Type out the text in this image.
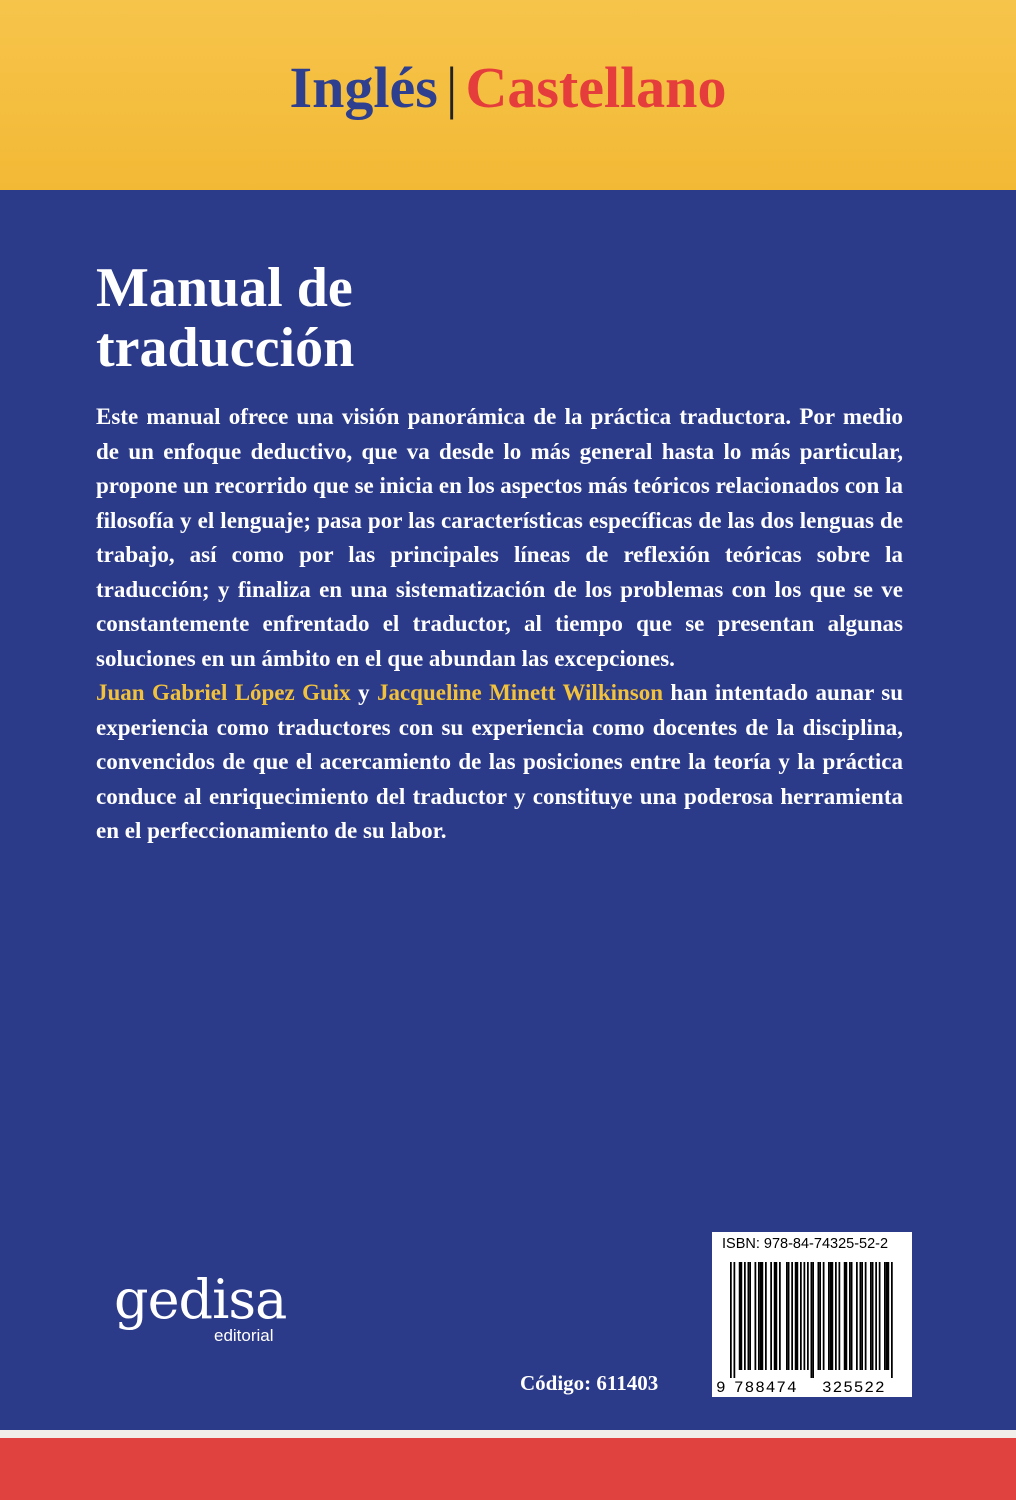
Inglés | Castellano
Manual de
traducción

Este manual ofrece una visión panorámica de la práctica traductora. Por medio de un enfoque deductivo, que va desde lo más general hasta lo más particular, propone un recorrido que se inicia en los aspectos más teóricos relacionados con la filosofía y el lenguaje; pasa por las características específicas de las dos lenguas de trabajo, así como por las principales líneas de reflexión teóricas sobre la traducción; y finaliza en una sistematización de los problemas con los que se ve constantemente enfrentado el traductor, al tiempo que se presentan algunas soluciones en un ámbito en el que abundan las excepciones.

Juan Gabriel López Guix y Jacqueline Minett Wilkinson han intentado aunar su experiencia como traductores con su experiencia como docentes de la disciplina, convencidos de que el acercamiento de las posiciones entre la teoría y la práctica conduce al enriquecimiento del traductor y constituye una poderosa herramienta en el perfeccionamiento de su labor.

gedisa
editorial
Código: 611403	9 788474 325522
ISBN: 978-84-74325-52-2
